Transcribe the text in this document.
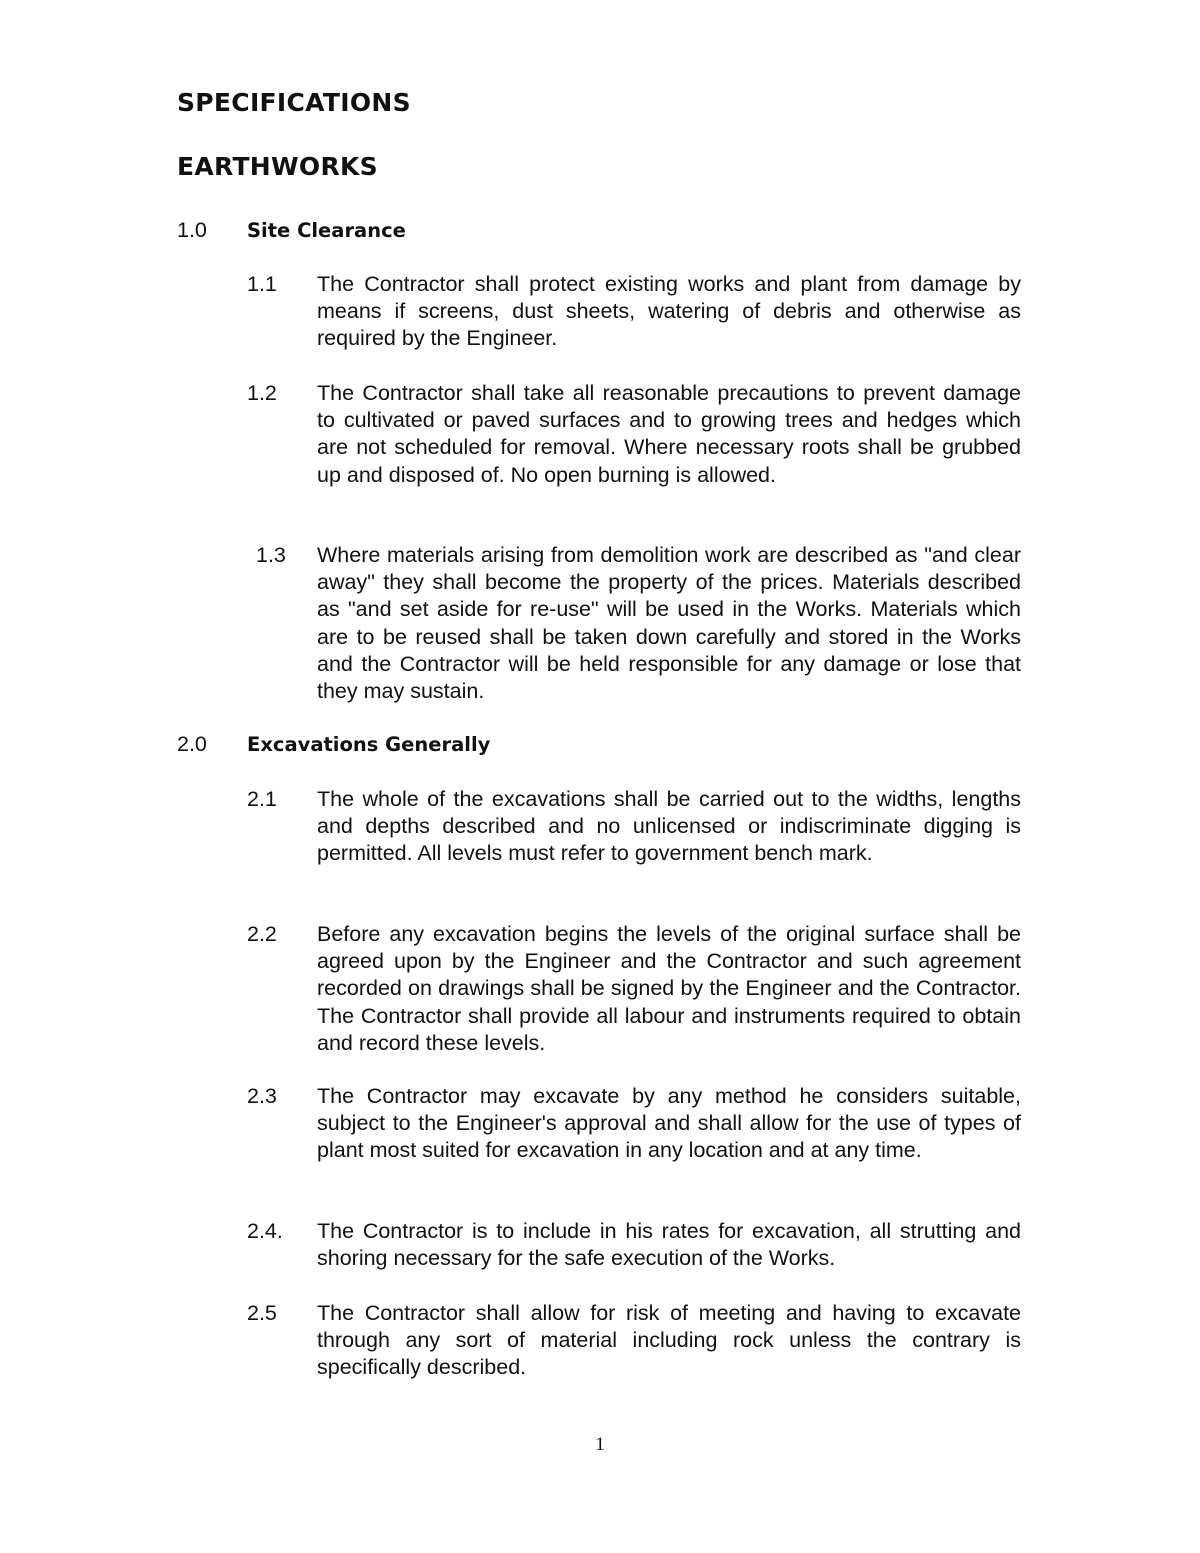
SPECIFICATIONS
EARTHWORKS
1.0 Site Clearance
1.1 The Contractor shall protect existing works and plant from damage by means if screens, dust sheets, watering of debris and otherwise as required by the Engineer.

1.2 The Contractor shall take all reasonable precautions to prevent damage to cultivated or paved surfaces and to growing trees and hedges which are not scheduled for removal. Where necessary roots shall be grubbed up and disposed of. No open burning is allowed.

1.3 Where materials arising from demolition work are described as "and clear away" they shall become the property of the prices. Materials described as "and set aside for re-use" will be used in the Works. Materials which are to be reused shall be taken down carefully and stored in the Works and the Contractor will be held responsible for any damage or lose that they may sustain.

2.0 Excavations Generally
2.1 The whole of the excavations shall be carried out to the widths, lengths and depths described and no unlicensed or indiscriminate digging is permitted. All levels must refer to government bench mark.

2.2 Before any excavation begins the levels of the original surface shall be agreed upon by the Engineer and the Contractor and such agreement recorded on drawings shall be signed by the Engineer and the Contractor. The Contractor shall provide all labour and instruments required to obtain and record these levels.

2.3 The Contractor may excavate by any method he considers suitable, subject to the Engineer's approval and shall allow for the use of types of plant most suited for excavation in any location and at any time.

2.4. The Contractor is to include in his rates for excavation, all strutting and shoring necessary for the safe execution of the Works.

2.5 The Contractor shall allow for risk of meeting and having to excavate through any sort of material including rock unless the contrary is specifically described.

1
